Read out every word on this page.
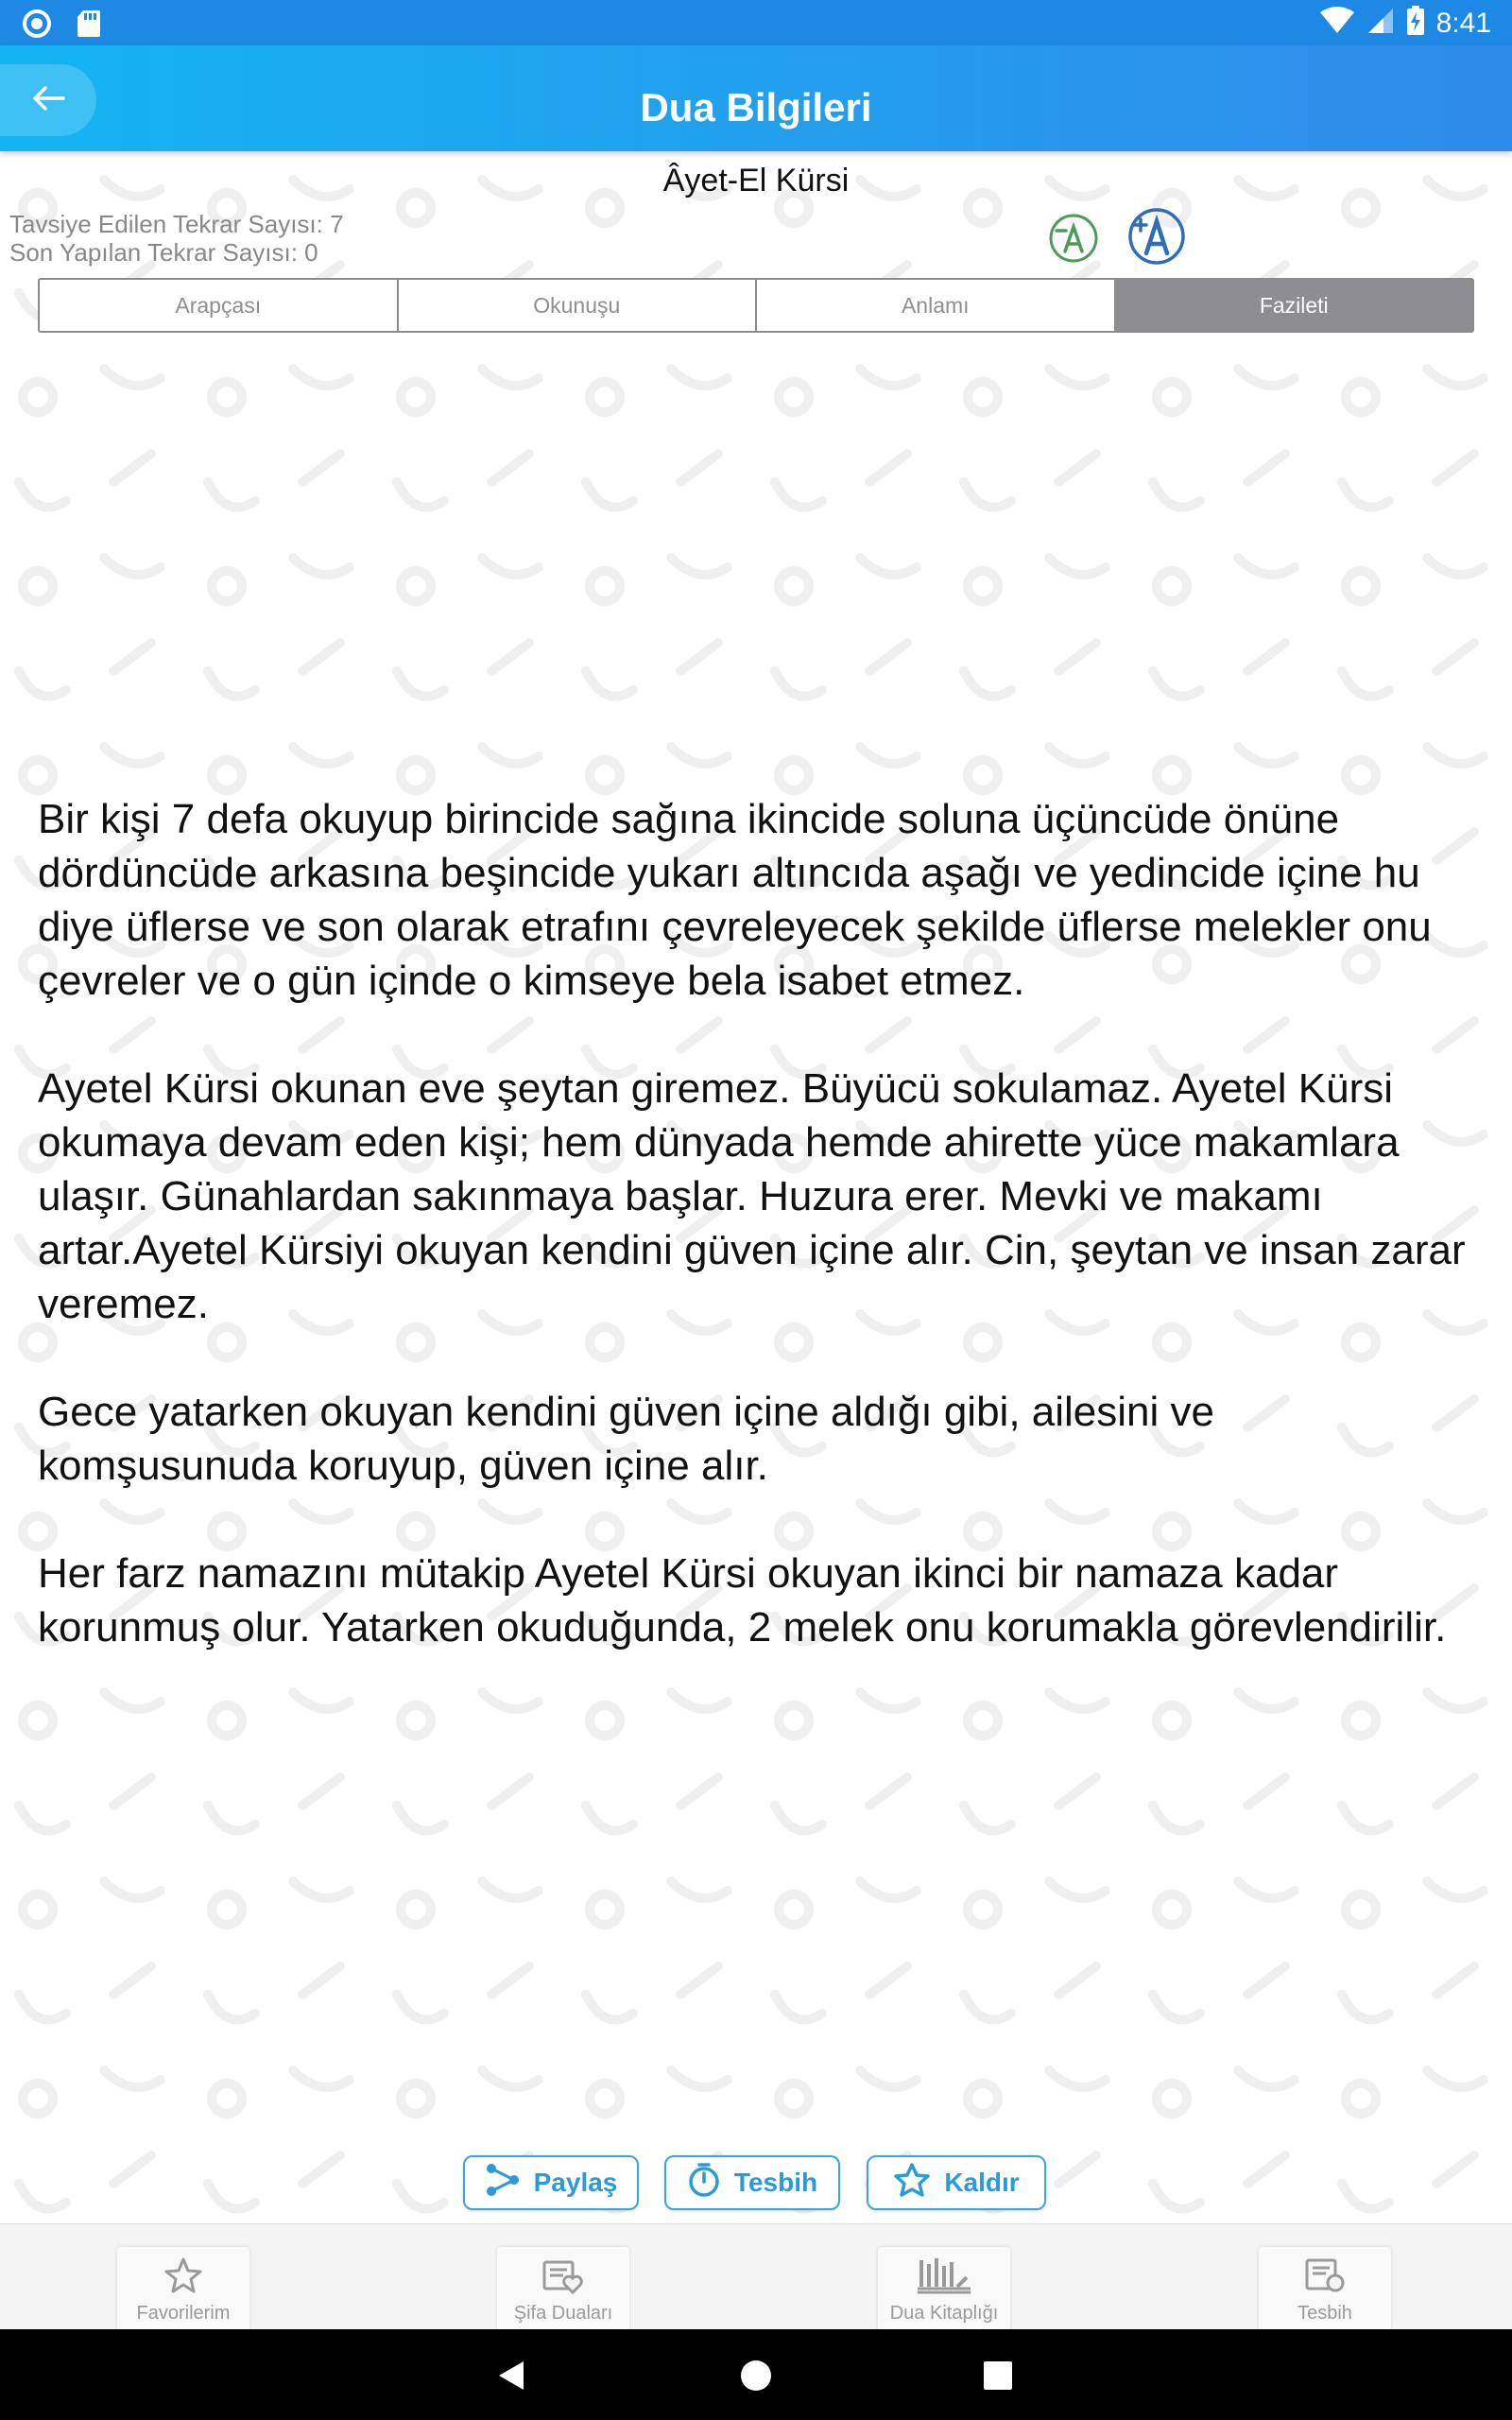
8:41
Dua Bilgileri
Âyet-El Kürsi
Tavsiye Edilen Tekrar Sayısı: 7
Son Yapılan Tekrar Sayısı: 0
Arapçası	Okunuşu	Anlamı	Fazileti

Bir kişi 7 defa okuyup birincide sağına ikincide soluna üçüncüde önüne dördüncüde arkasına beşincide yukarı altıncıda aşağı ve yedincide içine hu diye üflerse ve son olarak etrafını çevreleyecek şekilde üflerse melekler onu çevreler ve o gün içinde o kimseye bela isabet etmez.

Ayetel Kürsi okunan eve şeytan giremez. Büyücü sokulamaz. Ayetel Kürsi okumaya devam eden kişi; hem dünyada hemde ahirette yüce makamlara ulaşır. Günahlardan sakınmaya başlar. Huzura erer. Mevki ve makamı artar.Ayetel Kürsiyi okuyan kendini güven içine alır. Cin, şeytan ve insan zarar veremez.

Gece yatarken okuyan kendini güven içine aldığı gibi, ailesini ve komşusunuda koruyup, güven içine alır.

Her farz namazını mütakip Ayetel Kürsi okuyan ikinci bir namaza kadar korunmuş olur. Yatarken okuduğunda, 2 melek onu korumakla görevlendirilir.

Paylaş	Tesbih	Kaldır
Favorilerim	Şifa Duaları	Dua Kitaplığı	Tesbih
